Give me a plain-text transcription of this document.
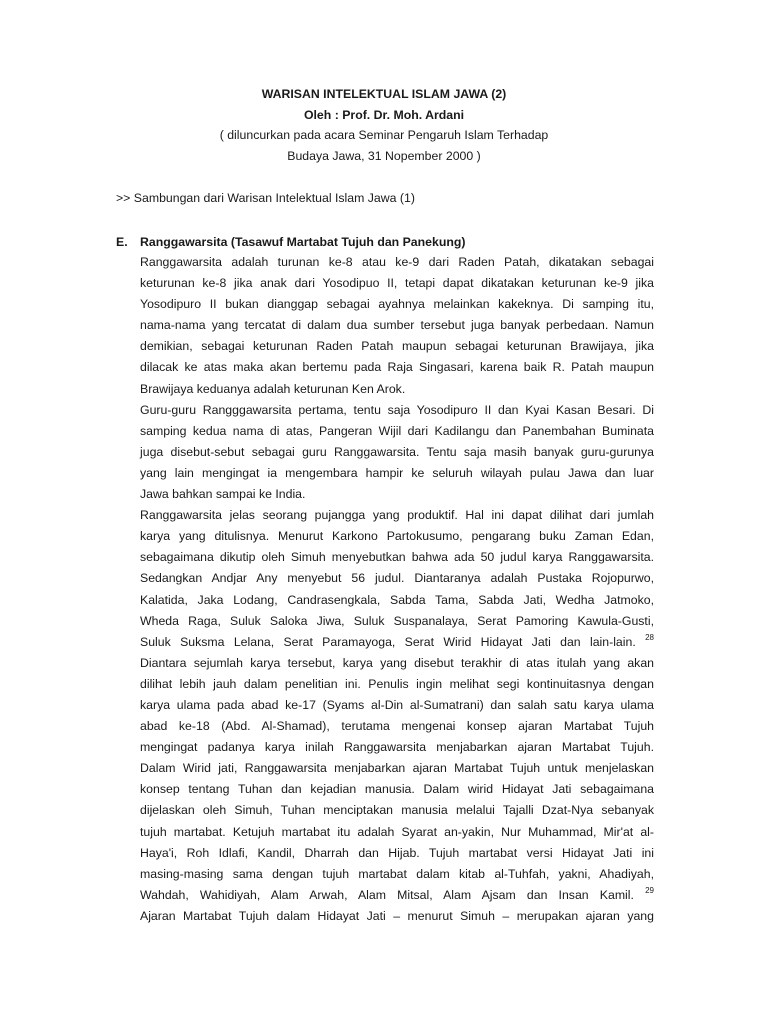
WARISAN INTELEKTUAL ISLAM JAWA (2)
Oleh : Prof. Dr. Moh. Ardani
( diluncurkan pada acara Seminar Pengaruh Islam Terhadap
Budaya Jawa, 31 Nopember 2000 )
>> Sambungan dari Warisan Intelektual Islam Jawa (1)
E. Ranggawarsita (Tasawuf Martabat Tujuh dan Panekung)
Ranggawarsita adalah turunan ke-8 atau ke-9 dari Raden Patah, dikatakan sebagai
keturunan ke-8 jika anak dari Yosodipuo II, tetapi dapat dikatakan keturunan ke-9 jika
Yosodipuro II bukan dianggap sebagai ayahnya melainkan kakeknya. Di samping itu,
nama-nama yang tercatat di dalam dua sumber tersebut juga banyak perbedaan. Namun
demikian, sebagai keturunan Raden Patah maupun sebagai keturunan Brawijaya, jika
dilacak ke atas maka akan bertemu pada Raja Singasari, karena baik R. Patah maupun
Brawijaya keduanya adalah keturunan Ken Arok.
Guru-guru Rangggawarsita pertama, tentu saja Yosodipuro II dan Kyai Kasan Besari. Di
samping kedua nama di atas, Pangeran Wijil dari Kadilangu dan Panembahan Buminata
juga disebut-sebut sebagai guru Ranggawarsita. Tentu saja masih banyak guru-gurunya
yang lain mengingat ia mengembara hampir ke seluruh wilayah pulau Jawa dan luar
Jawa bahkan sampai ke India.
Ranggawarsita jelas seorang pujangga yang produktif. Hal ini dapat dilihat dari jumlah
karya yang ditulisnya. Menurut Karkono Partokusumo, pengarang buku Zaman Edan,
sebagaimana dikutip oleh Simuh menyebutkan bahwa ada 50 judul karya Ranggawarsita.
Sedangkan Andjar Any menyebut 56 judul. Diantaranya adalah Pustaka Rojopurwo,
Kalatida, Jaka Lodang, Candrasengkala, Sabda Tama, Sabda Jati, Wedha Jatmoko,
Wheda Raga, Suluk Saloka Jiwa, Suluk Suspanalaya, Serat Pamoring Kawula-Gusti,
Suluk Suksma Lelana, Serat Paramayoga, Serat Wirid Hidayat Jati dan lain-lain. $^{28}$
Diantara sejumlah karya tersebut, karya yang disebut terakhir di atas itulah yang akan
dilihat lebih jauh dalam penelitian ini. Penulis ingin melihat segi kontinuitasnya dengan
karya ulama pada abad ke-17 (Syams al-Din al-Sumatrani) dan salah satu karya ulama
abad ke-18 (Abd. Al-Shamad), terutama mengenai konsep ajaran Martabat Tujuh
mengingat padanya karya inilah Ranggawarsita menjabarkan ajaran Martabat Tujuh.
Dalam Wirid jati, Ranggawarsita menjabarkan ajaran Martabat Tujuh untuk menjelaskan
konsep tentang Tuhan dan kejadian manusia. Dalam wirid Hidayat Jati sebagaimana
dijelaskan oleh Simuh, Tuhan menciptakan manusia melalui Tajalli Dzat-Nya sebanyak
tujuh martabat. Ketujuh martabat itu adalah Syarat an-yakin, Nur Muhammad, Mir'at al-
Haya'i, Roh Idlafi, Kandil, Dharrah dan Hijab. Tujuh martabat versi Hidayat Jati ini
masing-masing sama dengan tujuh martabat dalam kitab al-Tuhfah, yakni, Ahadiyah,
Wahdah, Wahidiyah, Alam Arwah, Alam Mitsal, Alam Ajsam dan Insan Kamil. $^{29}$
Ajaran Martabat Tujuh dalam Hidayat Jati – menurut Simuh – merupakan ajaran yang
